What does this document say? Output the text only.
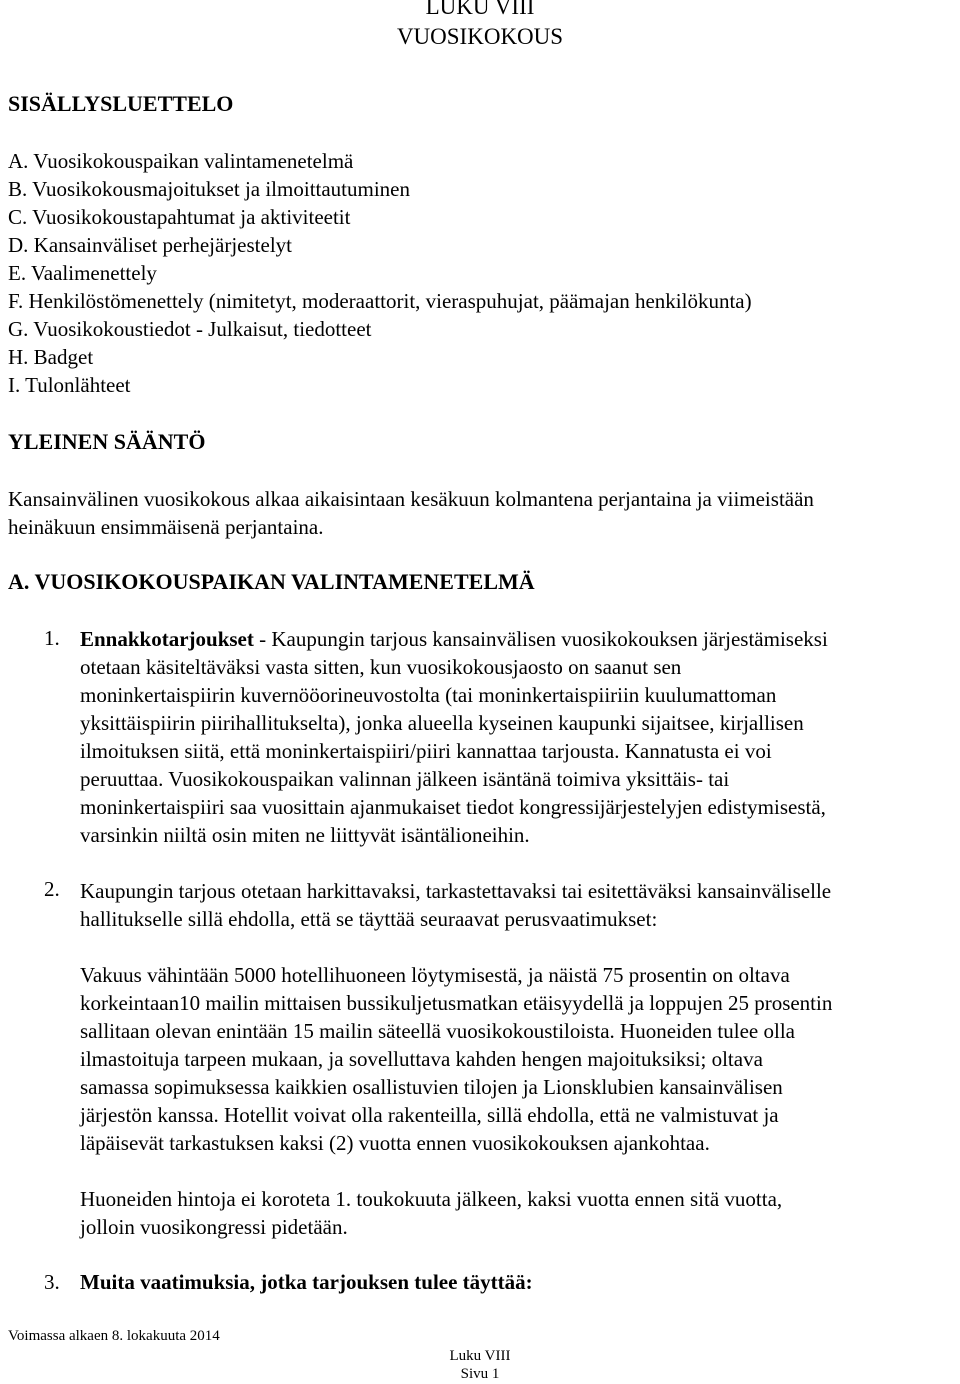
LUKU VIII
VUOSIKOKOUS
SISÄLLYSLUETTELO
A. Vuosikokouspaikan valintamenetelmä
B. Vuosikokousmajoitukset ja ilmoittautuminen
C. Vuosikokoustapahtumat ja aktiviteetit
D. Kansainväliset perhejärjestelyt
E. Vaalimenettely
F. Henkilöstömenettely (nimitetyt, moderaattorit, vieraspuhujat, päämajan henkilökunta)
G. Vuosikokoustiedot - Julkaisut, tiedotteet
H. Badget
I. Tulonlähteet
YLEINEN SÄÄNTÖ
Kansainvälinen vuosikokous alkaa aikaisintaan kesäkuun kolmantena perjantaina ja viimeistään
heinäkuun ensimmäisenä perjantaina.
A. VUOSIKOKOUSPAIKAN VALINTAMENETELMÄ
1. Ennakkotarjoukset - Kaupungin tarjous kansainvälisen vuosikokouksen järjestämiseksi
otetaan käsiteltäväksi vasta sitten, kun vuosikokousjaosto on saanut sen
moninkertaispiirin kuvernööorineuvostolta (tai moninkertaispiiriin kuulumattoman
yksittäispiirin piirihallitukselta), jonka alueella kyseinen kaupunki sijaitsee, kirjallisen
ilmoituksen siitä, että moninkertaispiiri/piiri kannattaa tarjousta. Kannatusta ei voi
peruuttaa. Vuosikokouspaikan valinnan jälkeen isäntänä toimiva yksittäis- tai
moninkertaispiiri saa vuosittain ajanmukaiset tiedot kongressijärjestelyjen edistymisestä,
varsinkin niiltä osin miten ne liittyvät isäntälioneihin.
2. Kaupungin tarjous otetaan harkittavaksi, tarkastettavaksi tai esitettäväksi kansainväliselle
hallitukselle sillä ehdolla, että se täyttää seuraavat perusvaatimukset:
Vakuus vähintään 5000 hotellihuoneen löytymisestä, ja näistä 75 prosentin on oltava
korkeintaan10 mailin mittaisen bussikuljetusmatkan etäisyydellä ja loppujen 25 prosentin
sallitaan olevan enintään 15 mailin säteellä vuosikokoustiloista. Huoneiden tulee olla
ilmastoituja tarpeen mukaan, ja sovelluttava kahden hengen majoituksiksi; oltava
samassa sopimuksessa kaikkien osallistuvien tilojen ja Lionsklubien kansainvälisen
järjestön kanssa. Hotellit voivat olla rakenteilla, sillä ehdolla, että ne valmistuvat ja
läpäisevät tarkastuksen kaksi (2) vuotta ennen vuosikokouksen ajankohtaa.
Huoneiden hintoja ei koroteta 1. toukokuuta jälkeen, kaksi vuotta ennen sitä vuotta,
jolloin vuosikongressi pidetään.
3. Muita vaatimuksia, jotka tarjouksen tulee täyttää:
Voimassa alkaen 8. lokakuuta 2014
Luku VIII
Sivu 1
